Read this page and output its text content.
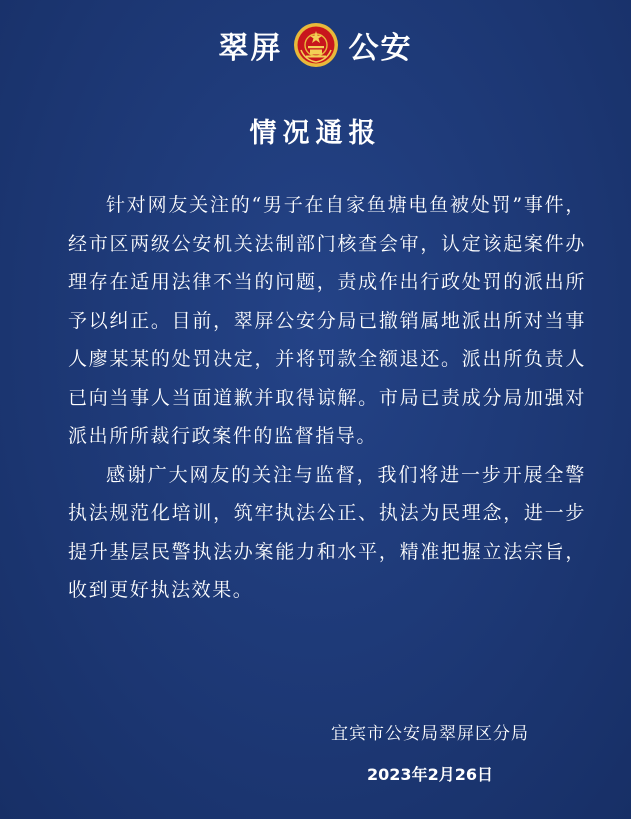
翠屏 公安
情况通报

针对网友关注的“男子在自家鱼塘电鱼被处罚”事件，经市区两级公安机关法制部门核查会审，认定该起案件办理存在适用法律不当的问题，责成作出行政处罚的派出所予以纠正。目前，翠屏公安分局已撤销属地派出所对当事人廖某某的处罚决定，并将罚款全额退还。派出所负责人已向当事人当面道歉并取得谅解。市局已责成分局加强对派出所所裁行政案件的监督指导。

感谢广大网友的关注与监督，我们将进一步开展全警执法规范化培训，筑牢执法公正、执法为民理念，进一步提升基层民警执法办案能力和水平，精准把握立法宗旨，收到更好执法效果。

宜宾市公安局翠屏区分局
2023年2月26日
